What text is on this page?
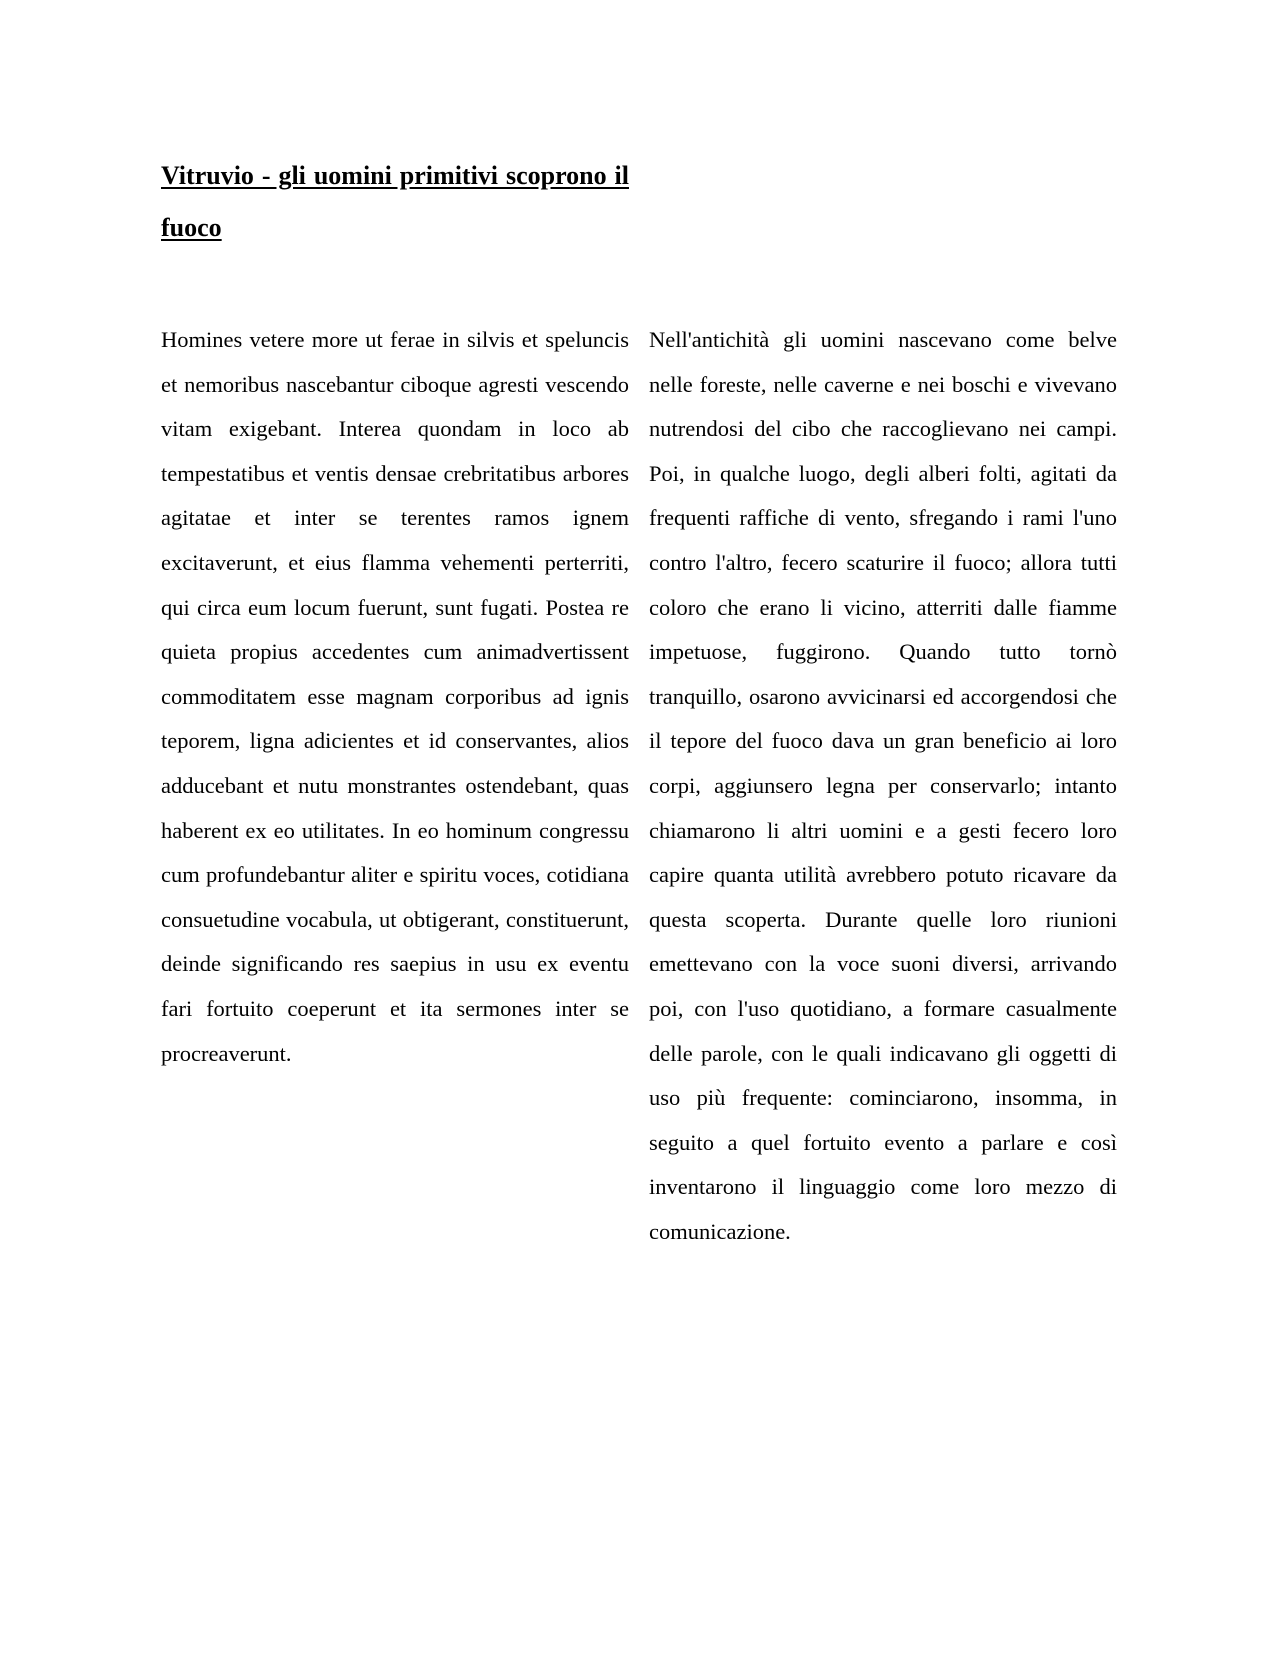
Vitruvio - gli uomini primitivi scoprono il fuoco

Homines vetere more ut ferae in silvis et speluncis et nemoribus nascebantur ciboque agresti vescendo vitam exigebant. Interea quondam in loco ab tempestatibus et ventis densae crebritatibus arbores agitatae et inter se terentes ramos ignem excitaverunt, et eius flamma vehementi perterriti, qui circa eum locum fuerunt, sunt fugati. Postea re quieta propius accedentes cum animadvertissent commoditatem esse magnam corporibus ad ignis teporem, ligna adicientes et id conservantes, alios adducebant et nutu monstrantes ostendebant, quas haberent ex eo utilitates. In eo hominum congressu cum profundebantur aliter e spiritu voces, cotidiana consuetudine vocabula, ut obtigerant, constituerunt, deinde significando res saepius in usu ex eventu fari fortuito coeperunt et ita sermones inter se procreaverunt.

Nell'antichità gli uomini nascevano come belve nelle foreste, nelle caverne e nei boschi e vivevano nutrendosi del cibo che raccoglievano nei campi. Poi, in qualche luogo, degli alberi folti, agitati da frequenti raffiche di vento, sfregando i rami l'uno contro l'altro, fecero scaturire il fuoco; allora tutti coloro che erano li vicino, atterriti dalle fiamme impetuose, fuggirono. Quando tutto tornò tranquillo, osarono avvicinarsi ed accorgendosi che il tepore del fuoco dava un gran beneficio ai loro corpi, aggiunsero legna per conservarlo; intanto chiamarono li altri uomini e a gesti fecero loro capire quanta utilità avrebbero potuto ricavare da questa scoperta. Durante quelle loro riunioni emettevano con la voce suoni diversi, arrivando poi, con l'uso quotidiano, a formare casualmente delle parole, con le quali indicavano gli oggetti di uso più frequente: cominciarono, insomma, in seguito a quel fortuito evento a parlare e così inventarono il linguaggio come loro mezzo di comunicazione.
